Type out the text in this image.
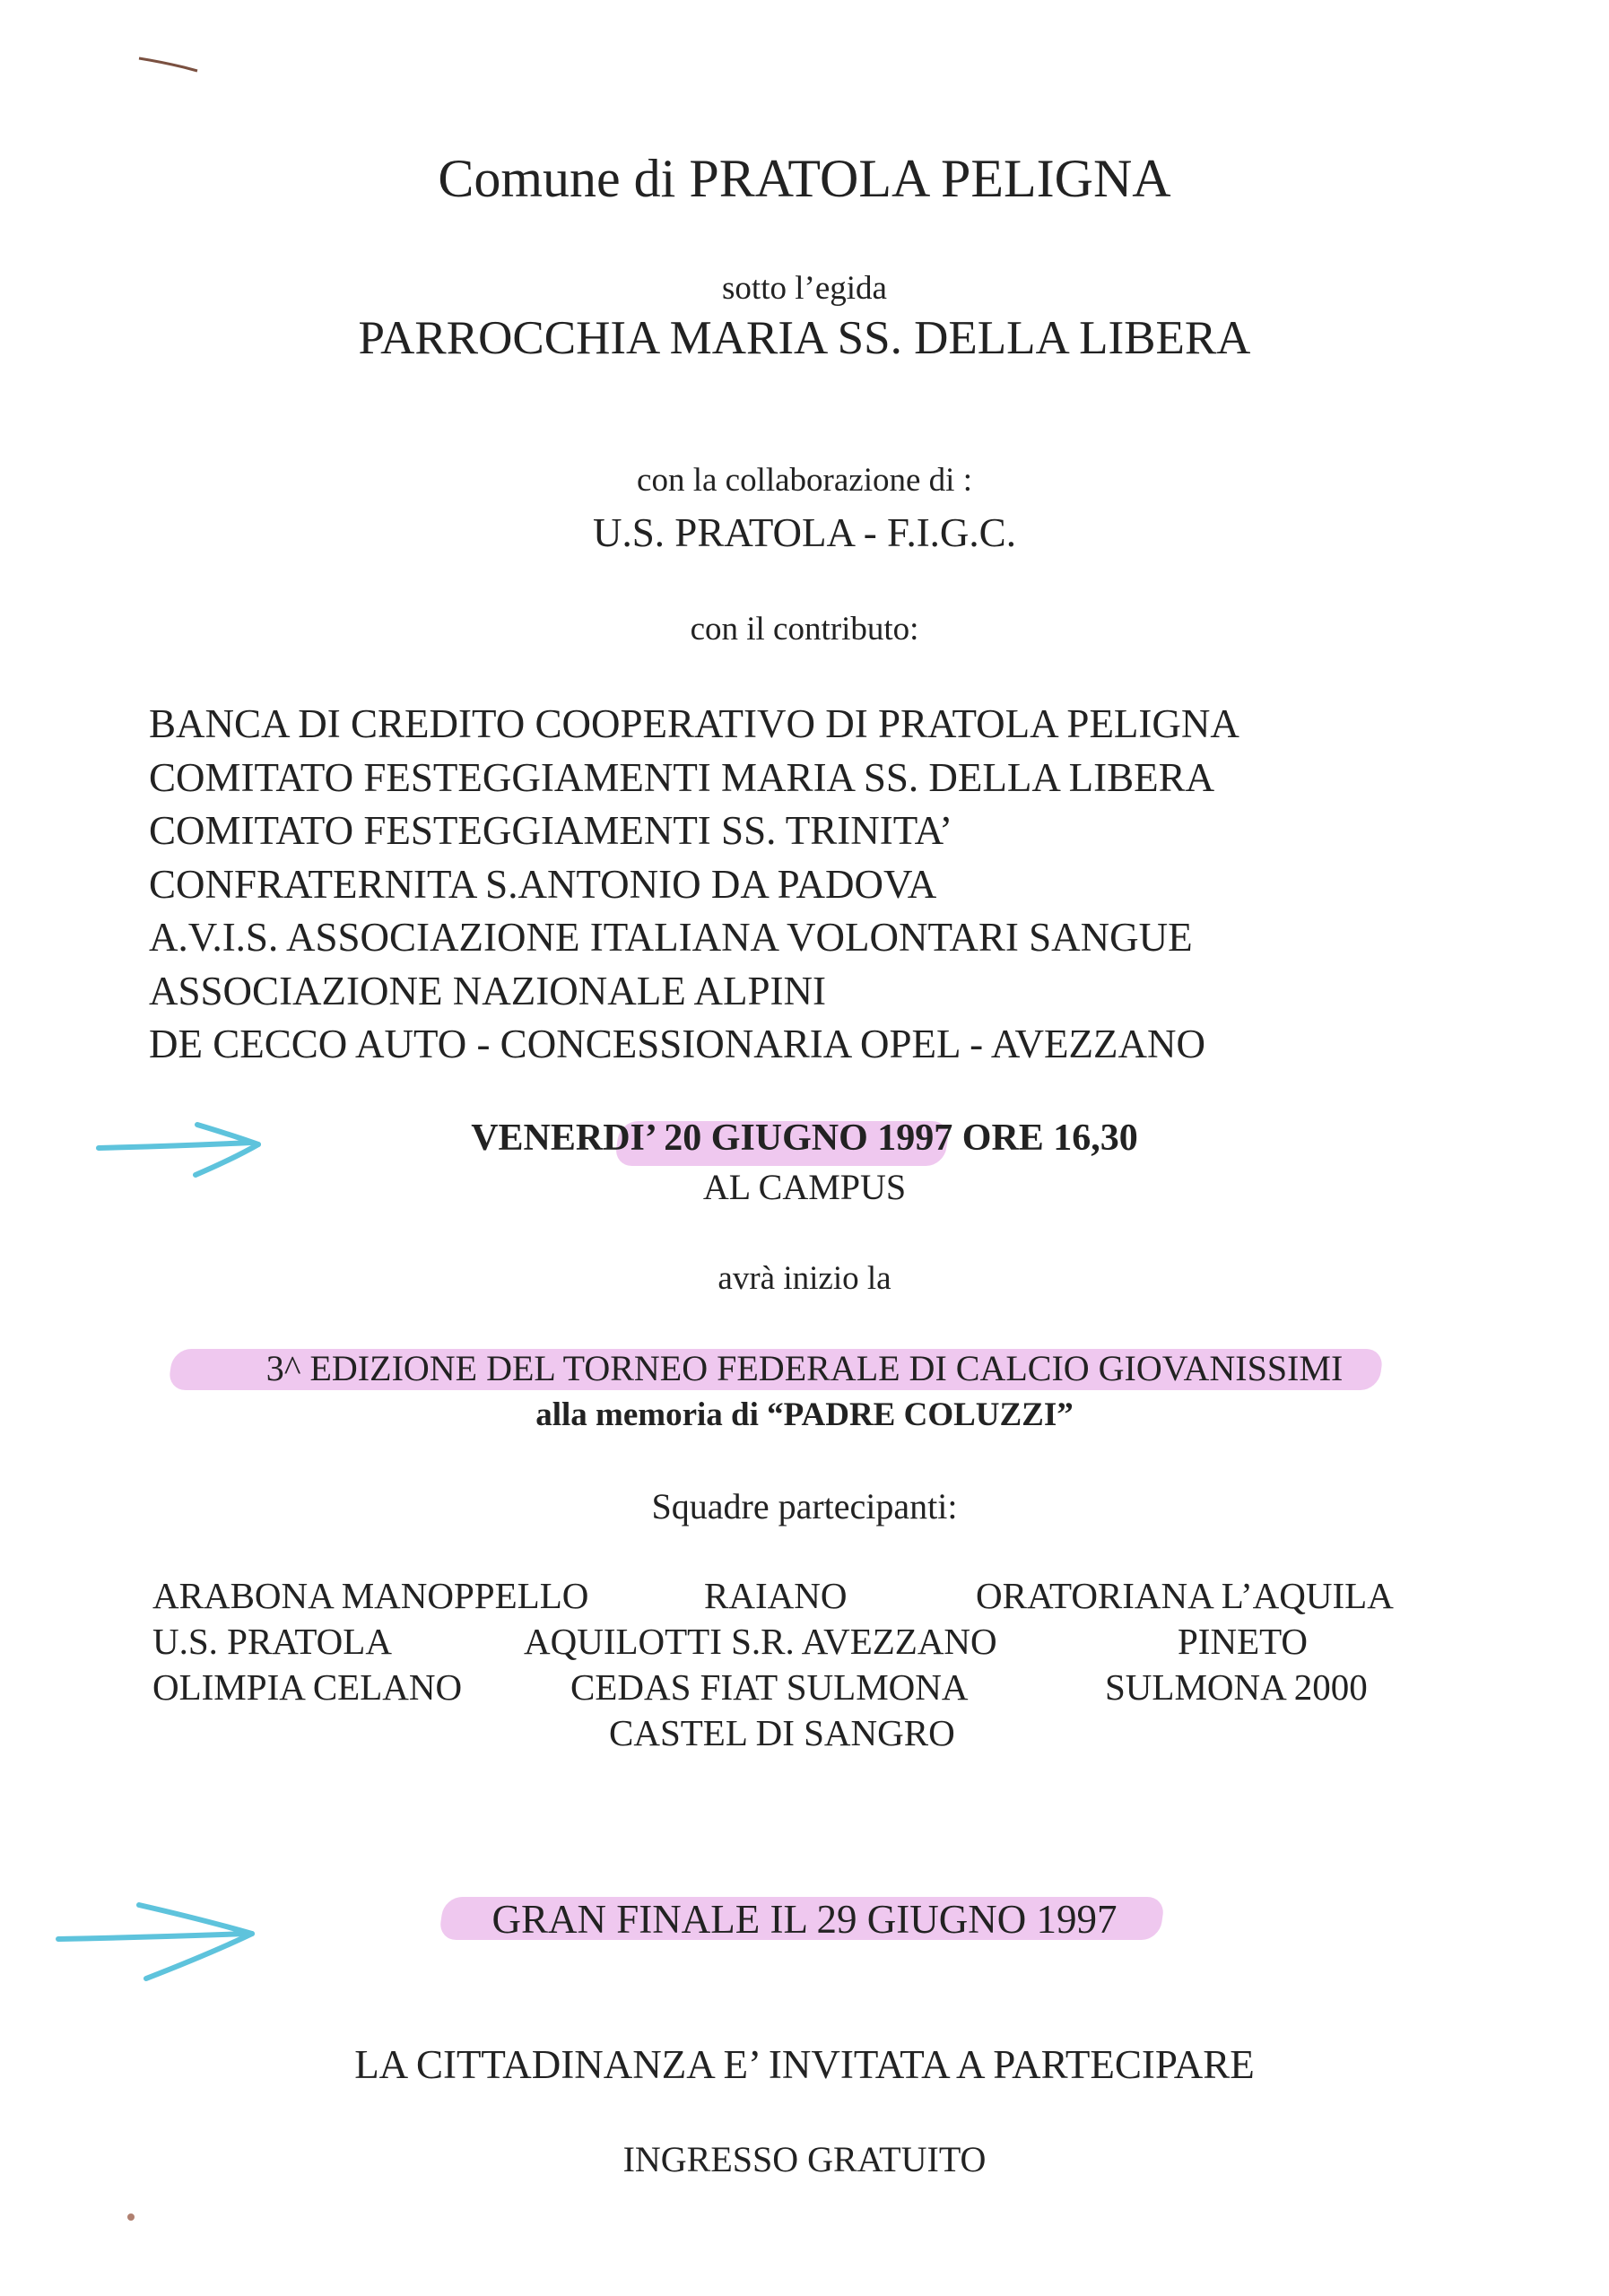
Comune di PRATOLA PELIGNA
sotto l’egida
PARROCCHIA MARIA SS. DELLA LIBERA
con la collaborazione di :
U.S. PRATOLA - F.I.G.C.
con il contributo:
BANCA DI CREDITO COOPERATIVO DI PRATOLA PELIGNA
COMITATO FESTEGGIAMENTI MARIA SS. DELLA LIBERA
COMITATO FESTEGGIAMENTI SS. TRINITA’
CONFRATERNITA S.ANTONIO DA PADOVA
A.V.I.S. ASSOCIAZIONE ITALIANA VOLONTARI SANGUE
ASSOCIAZIONE NAZIONALE ALPINI
DE CECCO AUTO - CONCESSIONARIA OPEL - AVEZZANO
VENERDI’ 20 GIUGNO 1997 ORE 16,30
AL CAMPUS
avrà inizio la
3^ EDIZIONE DEL TORNEO FEDERALE DI CALCIO GIOVANISSIMI
alla memoria di “PADRE COLUZZI”
Squadre partecipanti:
ARABONA MANOPPELLO	RAIANO	ORATORIANA L’AQUILA
U.S. PRATOLA	AQUILOTTI S.R. AVEZZANO	PINETO
OLIMPIA CELANO	CEDAS FIAT SULMONA	SULMONA 2000
CASTEL DI SANGRO
GRAN FINALE IL 29 GIUGNO 1997
LA CITTADINANZA E’ INVITATA A PARTECIPARE
INGRESSO GRATUITO
